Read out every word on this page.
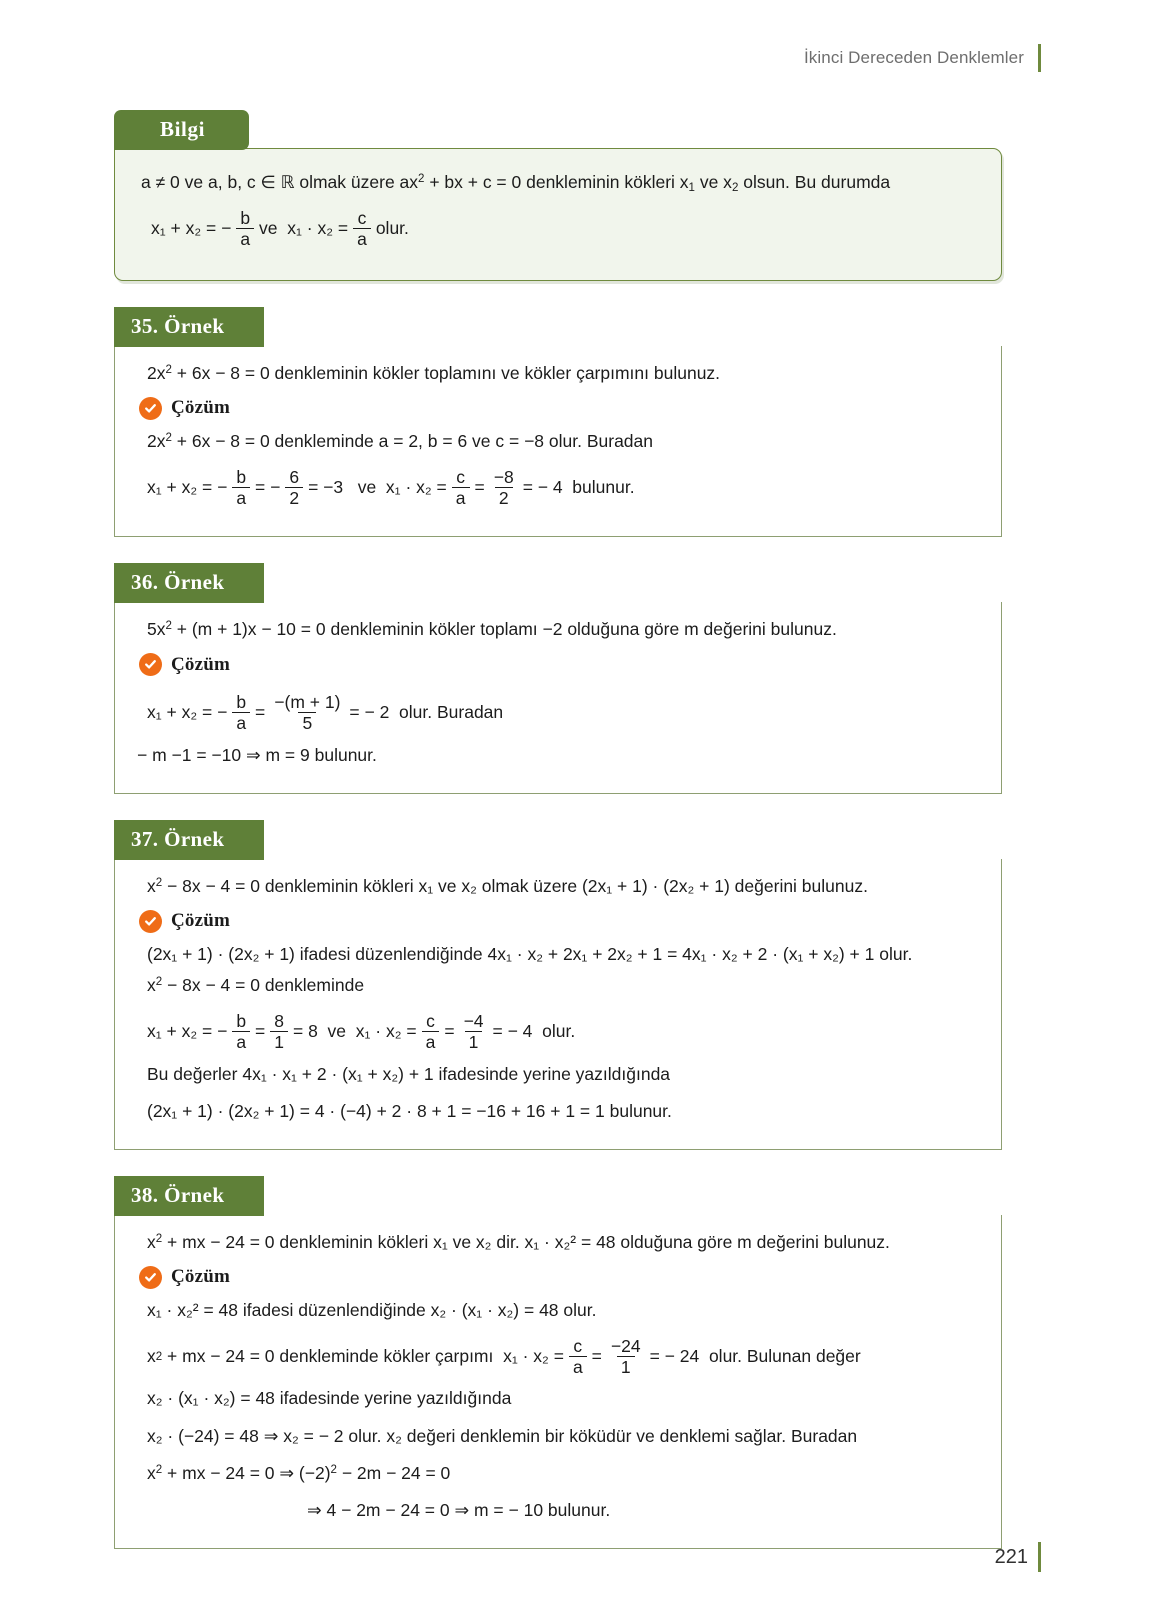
İkinci Dereceden Denklemler
Bilgi

a ≠ 0 ve a, b, c ∈ ℝ olmak üzere $ax^2$ + bx + c = 0 denkleminin kökleri $x_1$ ve $x_2$ olsun. Bu durumda

x₁ + x₂ = − $\frac{b}{a}$ ve  $x_1 \cdot x_2 = \frac{c}{a}$ olur.
35. Örnek

$2x^2 + 6x - 8 = 0$ denkleminin kökler toplamını ve kökler çarpımını bulunuz.

Çözüm

$2x^2 + 6x - 8 = 0$ denkleminde a = 2, b = 6 ve c = −8 olur. Buradan

x₁ + x₂ = − $\frac{b}{a}$ = − $\frac{6}{2} = -3$   ve  $x_1 \cdot x_2 = \frac{c}{a} = \frac{-8}{2}$ = − 4  bulunur.
36. Örnek

$5x^2 + (m + 1)x - 10 = 0$ denkleminin kökler toplamı −2 olduğuna göre m değerini bulunuz.

Çözüm
x₁ + x₂ = − $\frac{b}{a} = \frac{-(m + 1)}{5}$ = − 2  olur. Buradan

− m −1 = −10 ⇒ m = 9 bulunur.

37. Örnek

$x^2 - 8x - 4 = 0$ denkleminin kökleri x₁ ve x₂ olmak üzere (2x₁ + 1) · (2x₂ + 1) değerini bulunuz.

Çözüm

(2x₁ + 1) · (2x₂ + 1) ifadesi düzenlendiğinde 4x₁ · x₂ + 2x₁ + 2x₂ + 1 = 4x₁ · x₂ + 2 · (x₁ + x₂) + 1 olur.

$x^2 - 8x - 4 = 0$ denkleminde

x₁ + x₂ = − $\frac{b}{a} = \frac{8}{1} = 8$  ve  $x_1 \cdot x_2 = \frac{c}{a} = \frac{-4}{1}$ = − 4  olur.

Bu değerler 4x₁ · x₁ + 2 · (x₁ + x₂) + 1 ifadesinde yerine yazıldığında

(2x₁ + 1) · (2x₂ + 1) = 4 · (−4) + 2 · 8 + 1 = −16 + 16 + 1 = 1 bulunur.

38. Örnek

$x^2$ + mx − 24 = 0 denkleminin kökleri x₁ ve x₂ dir. x₁ · x₂² = 48 olduğuna göre m değerini bulunuz.

Çözüm

x₁ · x₂² = 48 ifadesi düzenlendiğinde x₂ · (x₁ · x₂) = 48 olur.

x 2 + mx − 24 = 0 denkleminde kökler çarpımı  $x_1 \cdot x_2 = \frac{c}{a} = \frac{-24}{1}$ = − 24  olur. Bulunan değer

x₂ · (x₁ · x₂) = 48 ifadesinde yerine yazıldığında

x₂ · (−24) = 48 ⇒ x₂ = − 2 olur. x₂ değeri denklemin bir köküdür ve denklemi sağlar. Buradan

$x^2$ + mx − 24 = 0 ⇒ $(-2)^2 - 2m - 24 = 0$

⇒ 4 − 2m − 24 = 0 ⇒ m = − 10 bulunur.

221
